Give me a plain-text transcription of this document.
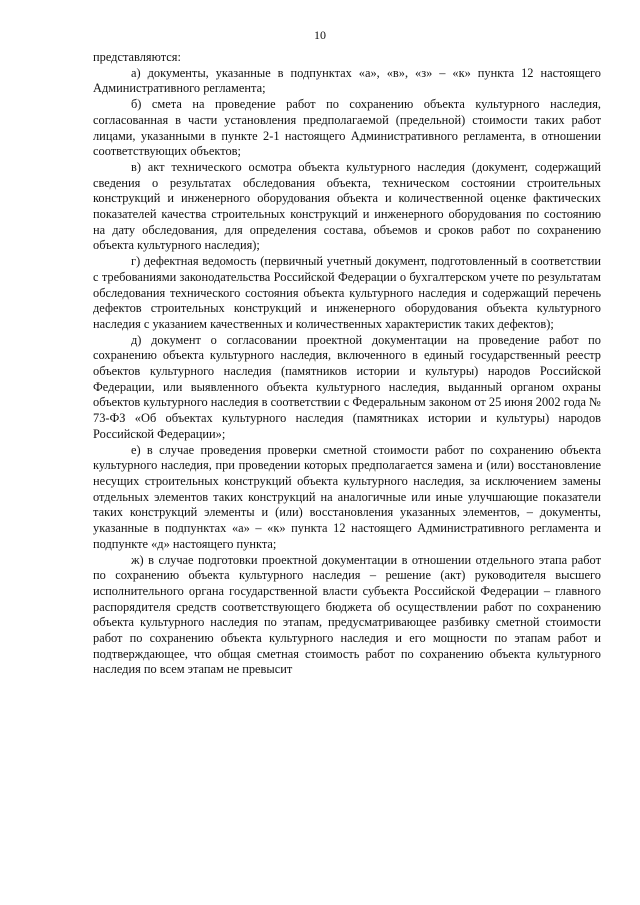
10

представляются:

а) документы, указанные в подпунктах «а», «в», «з» – «к» пункта 12 настоящего Административного регламента;

б) смета на проведение работ по сохранению объекта культурного наследия, согласованная в части установления предполагаемой (предельной) стоимости таких работ лицами, указанными в пункте 2-1 настоящего Административного регламента, в отношении соответствующих объектов;

в) акт технического осмотра объекта культурного наследия (документ, содержащий сведения о результатах обследования объекта, техническом состоянии строительных конструкций и инженерного оборудования объекта и количественной оценке фактических показателей качества строительных конструкций и инженерного оборудования по состоянию на дату обследования, для определения состава, объемов и сроков работ по сохранению объекта культурного наследия);

г) дефектная ведомость (первичный учетный документ, подготовленный в соответствии с требованиями законодательства Российской Федерации о бухгалтерском учете по результатам обследования технического состояния объекта культурного наследия и содержащий перечень дефектов строительных конструкций и инженерного оборудования объекта культурного наследия с указанием качественных и количественных характеристик таких дефектов);

д) документ о согласовании проектной документации на проведение работ по сохранению объекта культурного наследия, включенного в единый государственный реестр объектов культурного наследия (памятников истории и культуры) народов Российской Федерации, или выявленного объекта культурного наследия, выданный органом охраны объектов культурного наследия в соответствии с Федеральным законом от 25 июня 2002 года № 73-ФЗ «Об объектах культурного наследия (памятниках истории и культуры) народов Российской Федерации»;

е) в случае проведения проверки сметной стоимости работ по сохранению объекта культурного наследия, при проведении которых предполагается замена и (или) восстановление несущих строительных конструкций объекта культурного наследия, за исключением замены отдельных элементов таких конструкций на аналогичные или иные улучшающие показатели таких конструкций элементы и (или) восстановления указанных элементов, – документы, указанные в подпунктах «а» – «к» пункта 12 настоящего Административного регламента и подпункте «д» настоящего пункта;

ж) в случае подготовки проектной документации в отношении отдельного этапа работ по сохранению объекта культурного наследия – решение (акт) руководителя высшего исполнительного органа государственной власти субъекта Российской Федерации – главного распорядителя средств соответствующего бюджета об осуществлении работ по сохранению объекта культурного наследия по этапам, предусматривающее разбивку сметной стоимости работ по сохранению объекта культурного наследия и его мощности по этапам работ и подтверждающее, что общая сметная стоимость работ по сохранению объекта культурного наследия по всем этапам не превысит
